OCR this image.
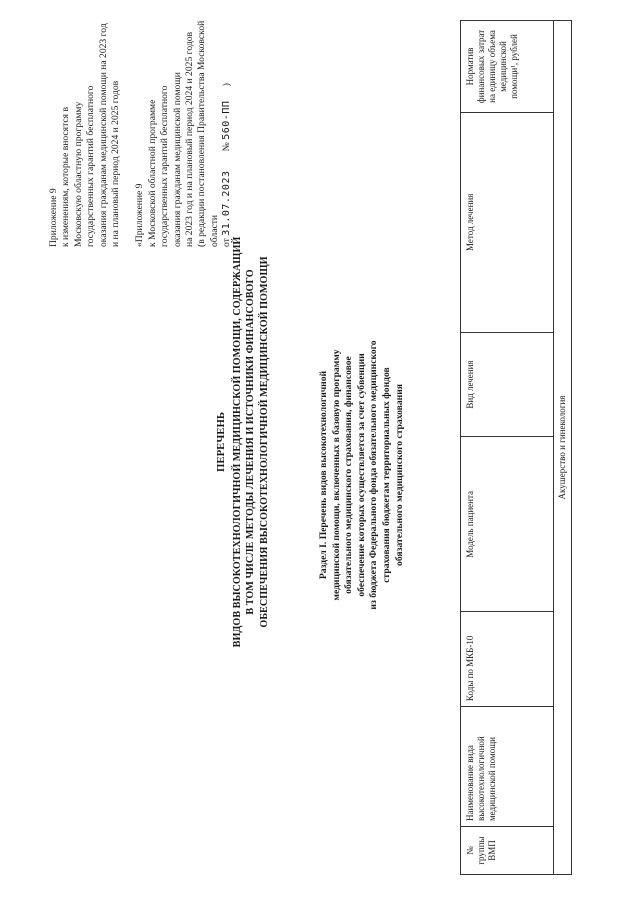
Приложение 9 к изменениям, которые вносятся в Московскую областную программу государственных гарантий бесплатного оказания гражданам медицинской помощи на 2023 год и на плановый период 2024 и 2025 годов «Приложение 9 к Московской областной программе государственных гарантий бесплатного оказания гражданам медицинской помощи на 2023 год и на плановый период 2024 и 2025 годов (в редакции постановления Правительства Московской области от 31.07.2023        № 560-ПП      )

ПЕРЕЧЕНЬ ВИДОВ ВЫСОКОТЕХНОЛОГИЧНОЙ МЕДИЦИНСКОЙ ПОМОЩИ, СОДЕРЖАЩИЙ В ТОМ ЧИСЛЕ МЕТОДЫ ЛЕЧЕНИЯ И ИСТОЧНИКИ ФИНАНСОВОГО ОБЕСПЕЧЕНИЯ ВЫСОКОТЕХНОЛОГИЧНОЙ МЕДИЦИНСКОЙ ПОМОЩИ	Раздел I. Перечень видов высокотехнологичной медицинской помощи, включенных в базовую программу обязательного медицинского страхования, финансовое обеспечение которых осуществляется за счет субвенции из бюджета Федерального фонда обязательного медицинского страхования бюджетам территориальных фондов обязательного медицинского страхования

№ группы ВМП	Наименование вида высокотехнологичной медицинской помощи	Коды по МКБ-10	Модель пациента	Вид лечения	Метод лечения	Норматив финансовых затрат на единицу объема медицинской помощи¹, рублей
Акушерство и гинекология
